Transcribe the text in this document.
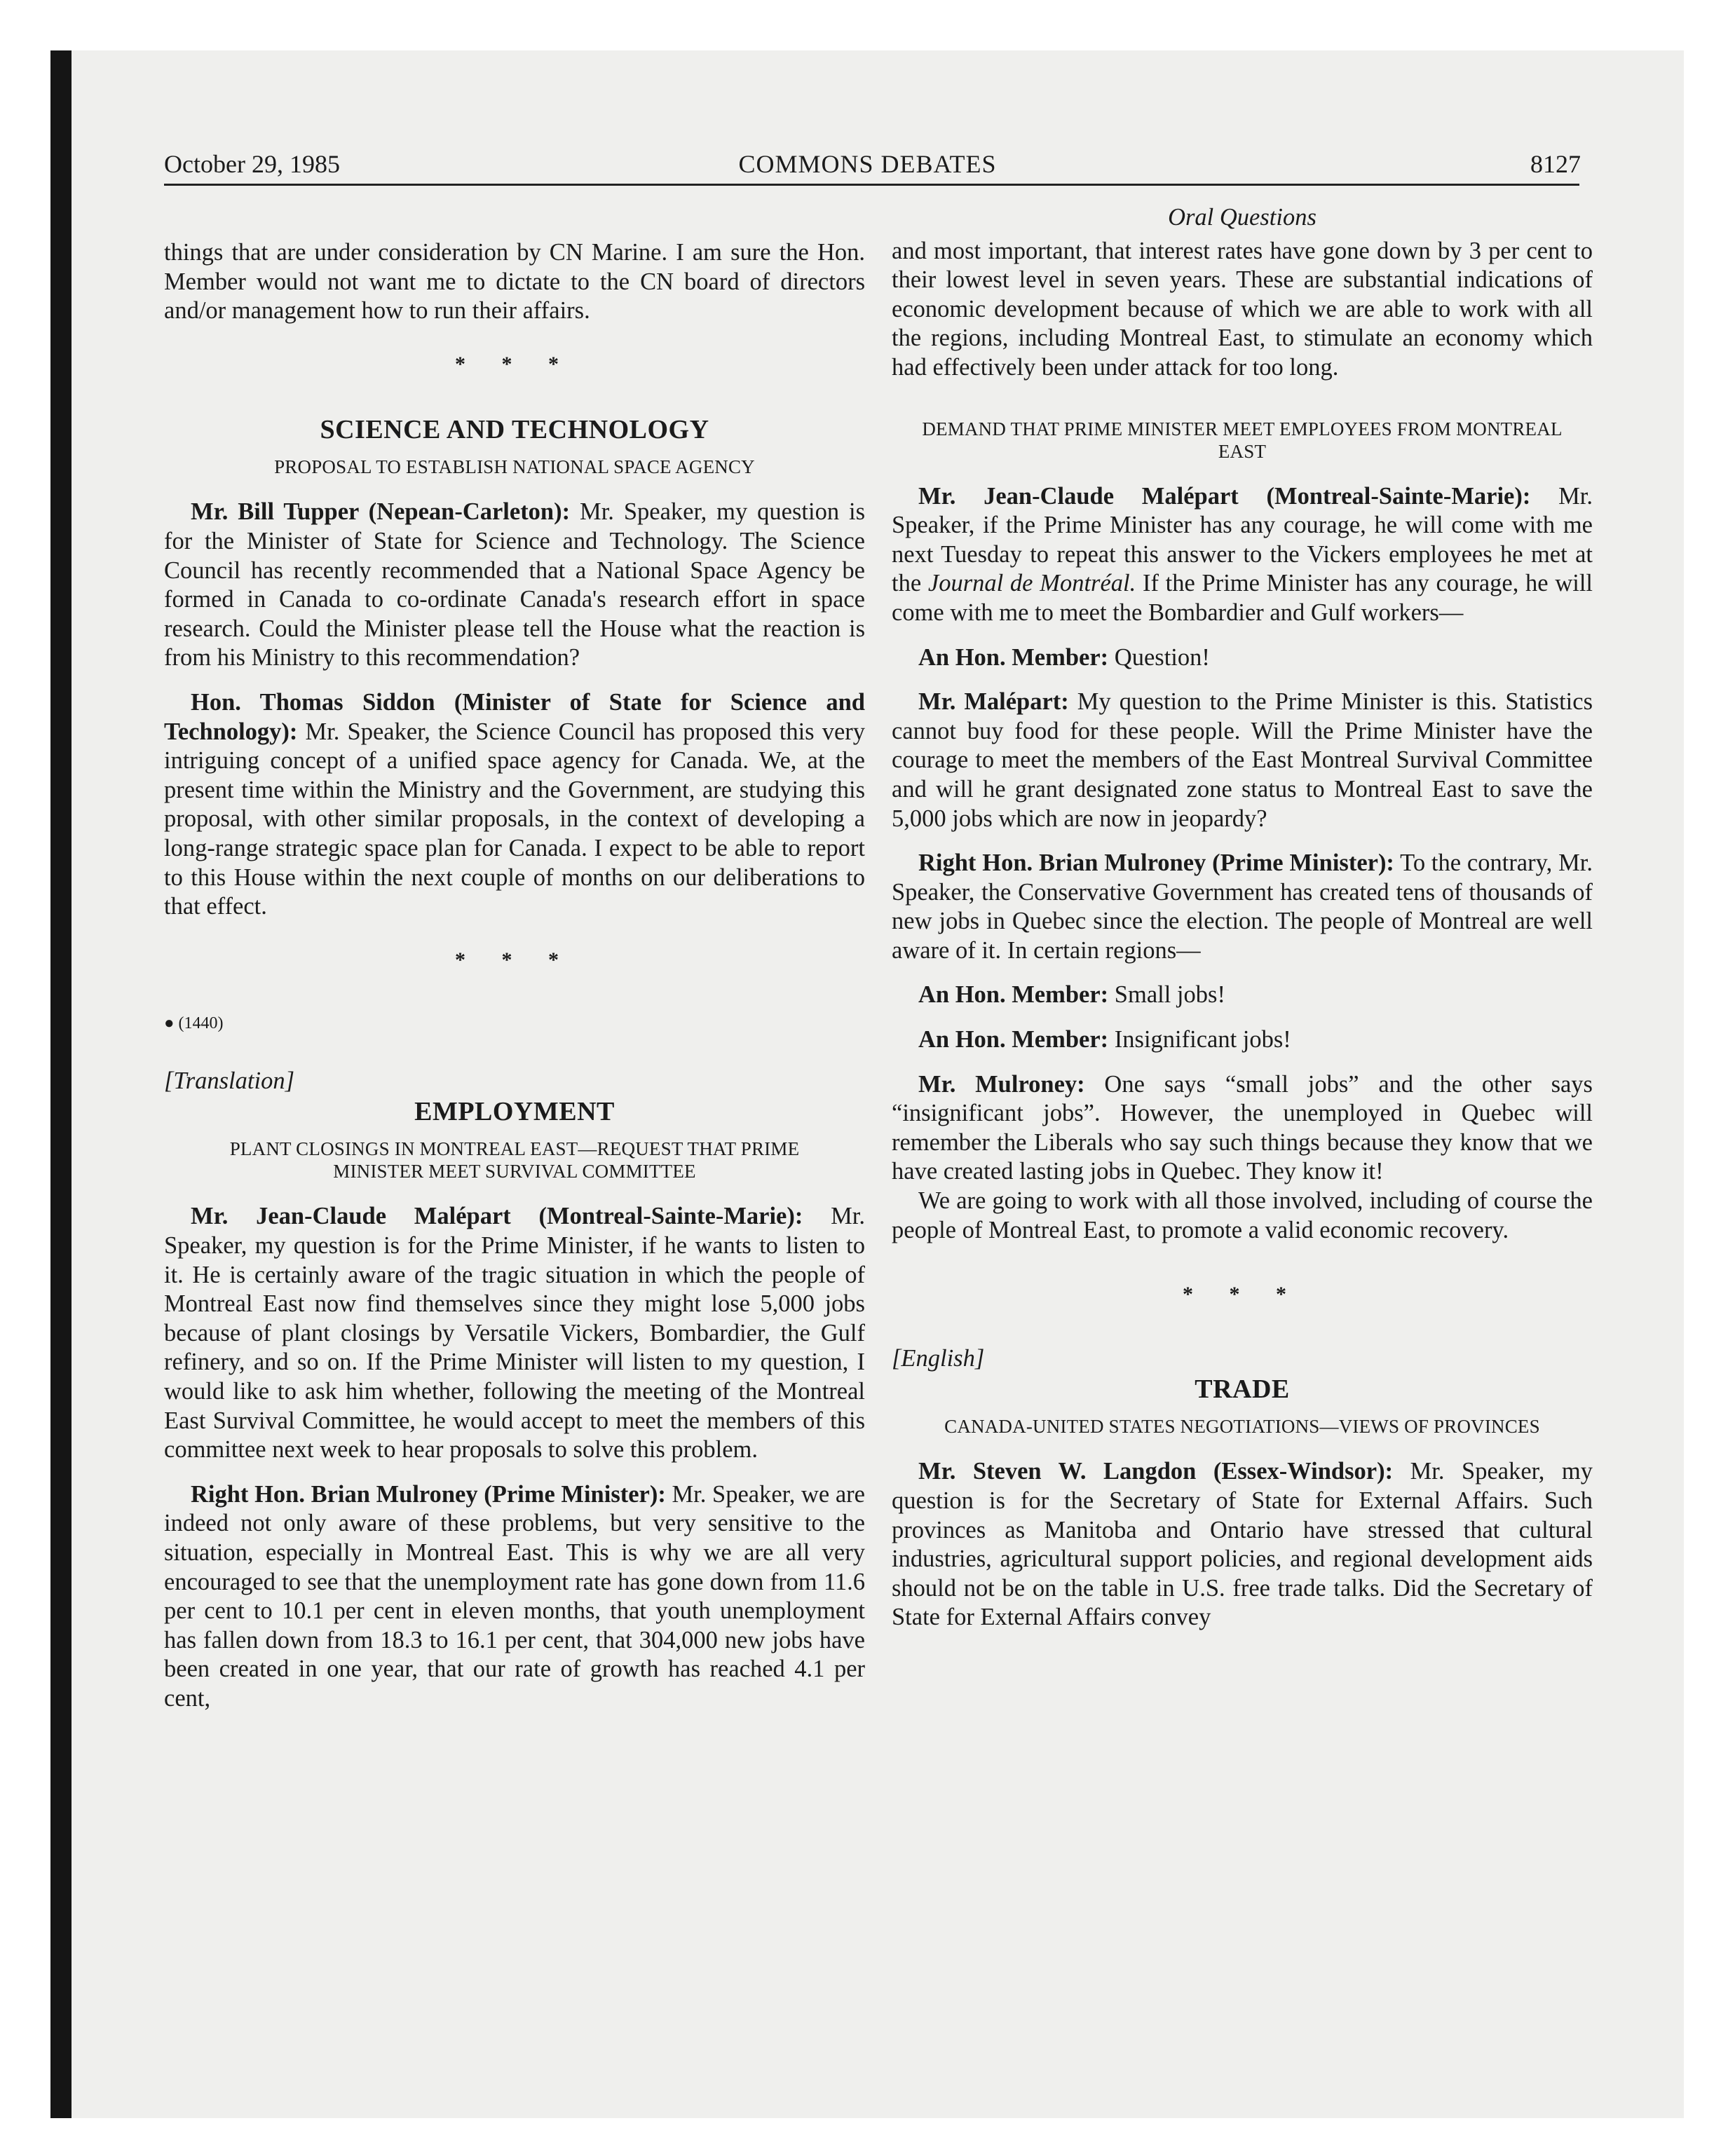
October 29, 1985	COMMONS DEBATES	8127

things that are under consideration by CN Marine. I am sure the Hon. Member would not want me to dictate to the CN board of directors and/or management how to run their affairs.

* * *
SCIENCE AND TECHNOLOGY
PROPOSAL TO ESTABLISH NATIONAL SPACE AGENCY

Mr. Bill Tupper (Nepean-Carleton): Mr. Speaker, my question is for the Minister of State for Science and Technology. The Science Council has recently recommended that a National Space Agency be formed in Canada to co-ordinate Canada's research effort in space research. Could the Minister please tell the House what the reaction is from his Ministry to this recommendation?

Hon. Thomas Siddon (Minister of State for Science and Technology): Mr. Speaker, the Science Council has proposed this very intriguing concept of a unified space agency for Canada. We, at the present time within the Ministry and the Government, are studying this proposal, with other similar proposals, in the context of developing a long-range strategic space plan for Canada. I expect to be able to report to this House within the next couple of months on our deliberations to that effect.

* * *

● (1440)

[Translation]

EMPLOYMENT
PLANT CLOSINGS IN MONTREAL EAST—REQUEST THAT PRIME MINISTER MEET SURVIVAL COMMITTEE

Mr. Jean-Claude Malépart (Montreal-Sainte-Marie): Mr. Speaker, my question is for the Prime Minister, if he wants to listen to it. He is certainly aware of the tragic situation in which the people of Montreal East now find themselves since they might lose 5,000 jobs because of plant closings by Versatile Vickers, Bombardier, the Gulf refinery, and so on. If the Prime Minister will listen to my question, I would like to ask him whether, following the meeting of the Montreal East Survival Committee, he would accept to meet the members of this committee next week to hear proposals to solve this problem.

Right Hon. Brian Mulroney (Prime Minister): Mr. Speaker, we are indeed not only aware of these problems, but very sensitive to the situation, especially in Montreal East. This is why we are all very encouraged to see that the unemployment rate has gone down from 11.6 per cent to 10.1 per cent in eleven months, that youth unemployment has fallen down from 18.3 to 16.1 per cent, that 304,000 new jobs have been created in one year, that our rate of growth has reached 4.1 per cent,

Oral Questions

and most important, that interest rates have gone down by 3 per cent to their lowest level in seven years. These are substantial indications of economic development because of which we are able to work with all the regions, including Montreal East, to stimulate an economy which had effectively been under attack for too long.

DEMAND THAT PRIME MINISTER MEET EMPLOYEES FROM MONTREAL EAST

Mr. Jean-Claude Malépart (Montreal-Sainte-Marie): Mr. Speaker, if the Prime Minister has any courage, he will come with me next Tuesday to repeat this answer to the Vickers employees he met at the Journal de Montréal. If the Prime Minister has any courage, he will come with me to meet the Bombardier and Gulf workers—

An Hon. Member: Question!

Mr. Malépart: My question to the Prime Minister is this. Statistics cannot buy food for these people. Will the Prime Minister have the courage to meet the members of the East Montreal Survival Committee and will he grant designated zone status to Montreal East to save the 5,000 jobs which are now in jeopardy?

Right Hon. Brian Mulroney (Prime Minister): To the contrary, Mr. Speaker, the Conservative Government has created tens of thousands of new jobs in Quebec since the election. The people of Montreal are well aware of it. In certain regions—

An Hon. Member: Small jobs!

An Hon. Member: Insignificant jobs!

Mr. Mulroney: One says “small jobs” and the other says “insignificant jobs”. However, the unemployed in Quebec will remember the Liberals who say such things because they know that we have created lasting jobs in Quebec. They know it!

We are going to work with all those involved, including of course the people of Montreal East, to promote a valid economic recovery.

* * *

[English]

TRADE
CANADA-UNITED STATES NEGOTIATIONS—VIEWS OF PROVINCES

Mr. Steven W. Langdon (Essex-Windsor): Mr. Speaker, my question is for the Secretary of State for External Affairs. Such provinces as Manitoba and Ontario have stressed that cultural industries, agricultural support policies, and regional development aids should not be on the table in U.S. free trade talks. Did the Secretary of State for External Affairs convey
